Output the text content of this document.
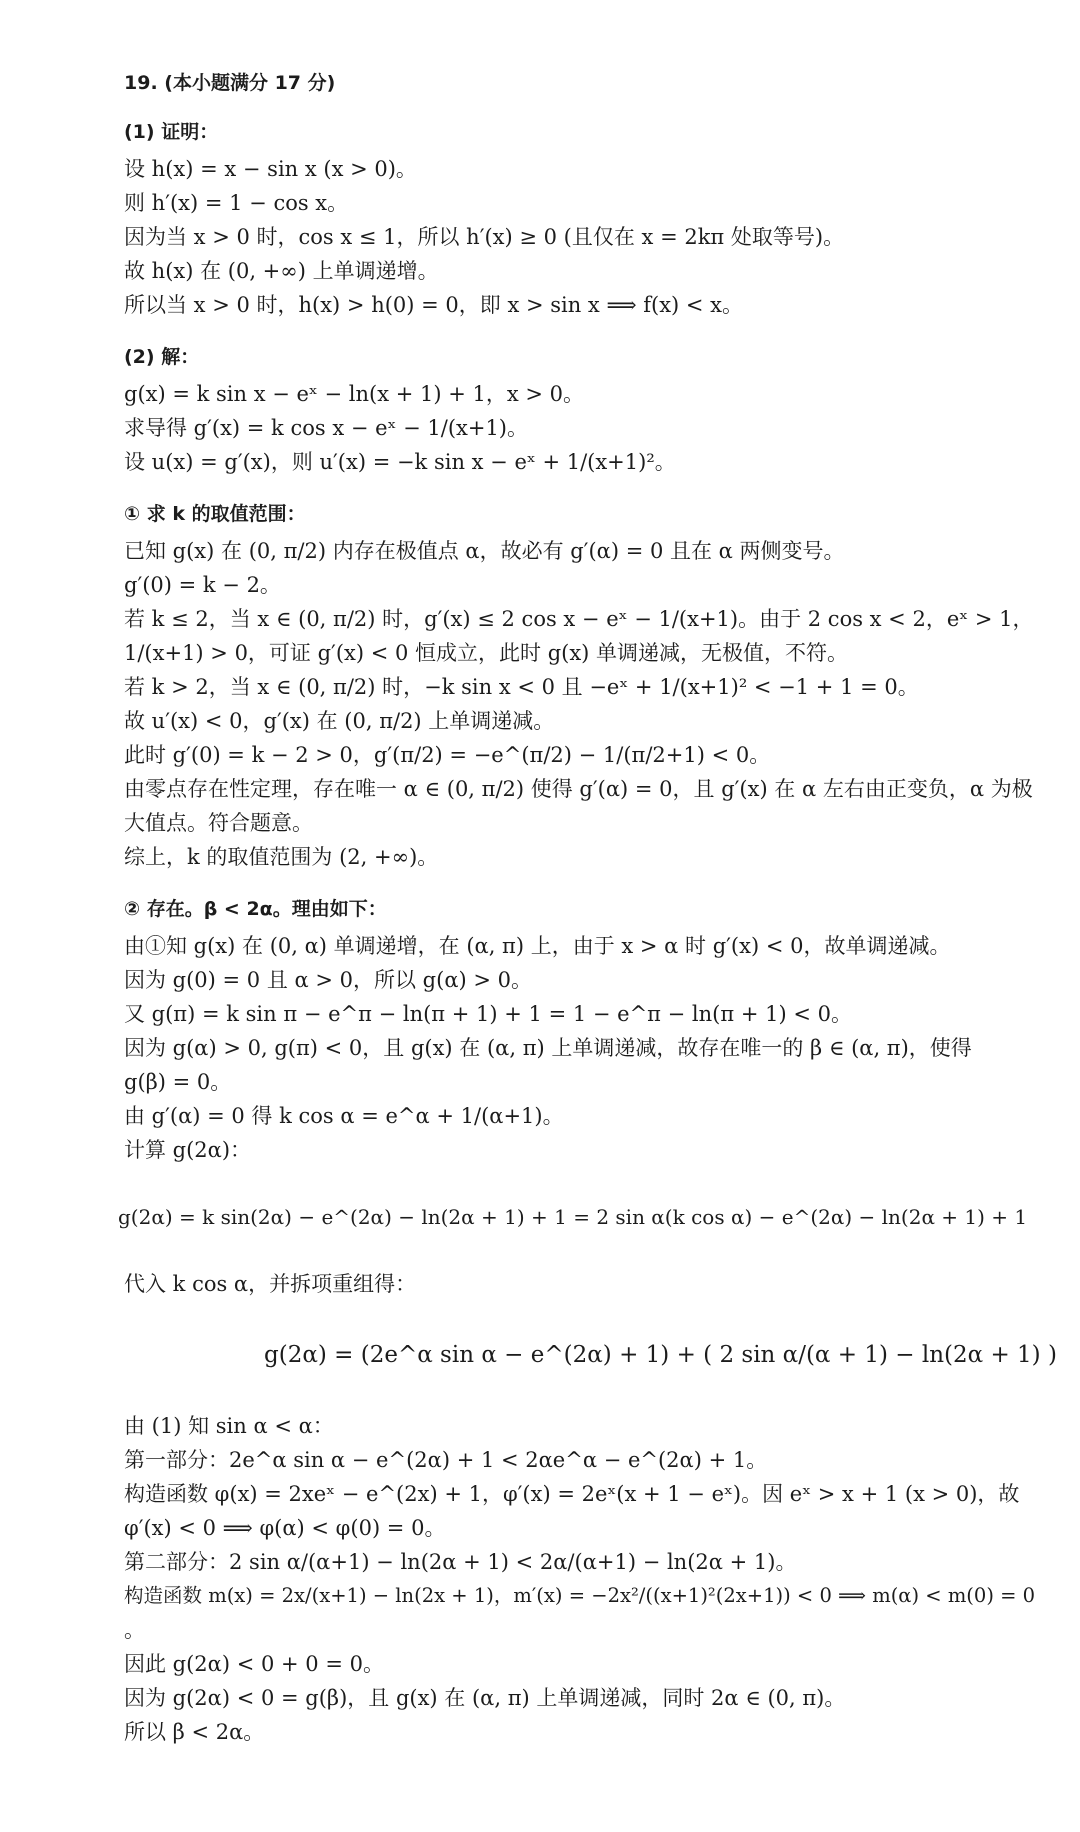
19. (本小题满分 17 分)
(1) 证明：
设 h(x) = x − sin x (x > 0)。
则 h′(x) = 1 − cos x。
因为当 x > 0 时，cos x ≤ 1，所以 h′(x) ≥ 0 (且仅在 x = 2kπ 处取等号)。
故 h(x) 在 (0, +∞) 上单调递增。
所以当 x > 0 时，h(x) > h(0) = 0，即 x > sin x ⟹ f(x) < x。
(2) 解：
g(x) = k sin x − eˣ − ln(x + 1) + 1，x > 0。
求导得 g′(x) = k cos x − eˣ − 1/(x+1)。
设 u(x) = g′(x)，则 u′(x) = −k sin x − eˣ + 1/(x+1)²。
① 求 k 的取值范围：
已知 g(x) 在 (0, π/2) 内存在极值点 α，故必有 g′(α) = 0 且在 α 两侧变号。
g′(0) = k − 2。
若 k ≤ 2，当 x ∈ (0, π/2) 时，g′(x) ≤ 2 cos x − eˣ − 1/(x+1)。由于 2 cos x < 2，eˣ > 1，
1/(x+1) > 0，可证 g′(x) < 0 恒成立，此时 g(x) 单调递减，无极值，不符。
若 k > 2，当 x ∈ (0, π/2) 时，−k sin x < 0 且 −eˣ + 1/(x+1)² < −1 + 1 = 0。
故 u′(x) < 0，g′(x) 在 (0, π/2) 上单调递减。
此时 g′(0) = k − 2 > 0，g′(π/2) = −e^(π/2) − 1/(π/2+1) < 0。
由零点存在性定理，存在唯一 α ∈ (0, π/2) 使得 g′(α) = 0，且 g′(x) 在 α 左右由正变负，α 为极
大值点。符合题意。
综上，k 的取值范围为 (2, +∞)。
② 存在。β < 2α。理由如下：
由①知 g(x) 在 (0, α) 单调递增，在 (α, π) 上，由于 x > α 时 g′(x) < 0，故单调递减。
因为 g(0) = 0 且 α > 0，所以 g(α) > 0。
又 g(π) = k sin π − e^π − ln(π + 1) + 1 = 1 − e^π − ln(π + 1) < 0。
因为 g(α) > 0, g(π) < 0，且 g(x) 在 (α, π) 上单调递减，故存在唯一的 β ∈ (α, π)，使得
g(β) = 0。
由 g′(α) = 0 得 k cos α = e^α + 1/(α+1)。
计算 g(2α)：
g(2α) = k sin(2α) − e^(2α) − ln(2α + 1) + 1 = 2 sin α(k cos α) − e^(2α) − ln(2α + 1) + 1
代入 k cos α，并拆项重组得：
g(2α) = (2e^α sin α − e^(2α) + 1) + ( 2 sin α/(α + 1) − ln(2α + 1) )
由 (1) 知 sin α < α：
第一部分：2e^α sin α − e^(2α) + 1 < 2αe^α − e^(2α) + 1。
构造函数 φ(x) = 2xeˣ − e^(2x) + 1，φ′(x) = 2eˣ(x + 1 − eˣ)。因 eˣ > x + 1 (x > 0)，故
φ′(x) < 0 ⟹ φ(α) < φ(0) = 0。
第二部分：2 sin α/(α+1) − ln(2α + 1) < 2α/(α+1) − ln(2α + 1)。
构造函数 m(x) = 2x/(x+1) − ln(2x + 1)，m′(x) = −2x²/((x+1)²(2x+1)) < 0 ⟹ m(α) < m(0) = 0
。
因此 g(2α) < 0 + 0 = 0。
因为 g(2α) < 0 = g(β)，且 g(x) 在 (α, π) 上单调递减，同时 2α ∈ (0, π)。
所以 β < 2α。
